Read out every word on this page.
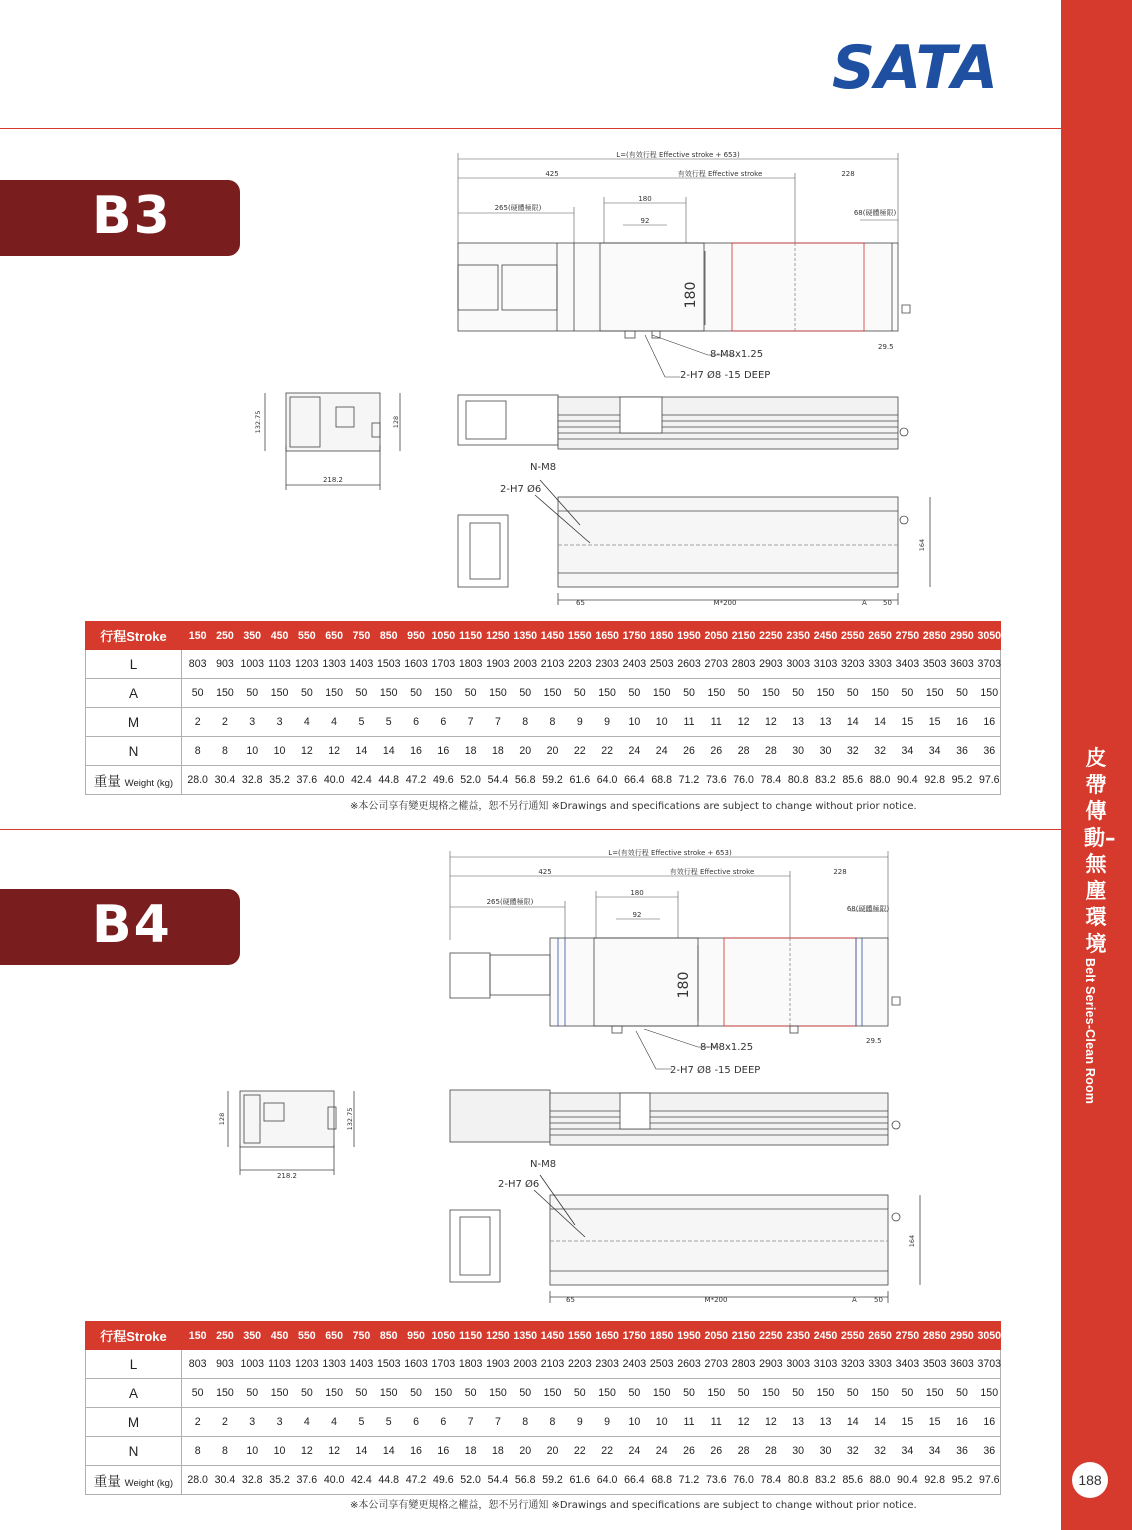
皮帶傳動–無塵環境
Belt Series-Clean Room
188
SATA
B3
L=(有效行程 Effective stroke + 653)
425	有效行程 Effective stroke	228
265(硬體極限)
68(硬體極限)
180
92
180
29.5
8-M8x1.25
2-H7 Ø8 -15 DEEP
218.2
132.75	128
N-M8
2-H7 Ø6
65	M*200	A 50
164
行程Stroke	150 250 350 450 550 650 750 850 950 1050 1150 1250 1350 1450 1550 1650 1750 1850 1950 2050 2150 2250 2350 2450 2550 2650 2750 2850 2950 3050
L	803 903 1003 1103 1203 1303 1403 1503 1603 1703 1803 1903 2003 2103 2203 2303 2403 2503 2603 2703 2803 2903 3003 3103 3203 3303 3403 3503 3603 3703
A	50 150 50 150 50 150 50 150 50 150 50 150 50 150 50 150 50 150 50 150 50 150 50 150 50 150 50 150 50 150
M	2 2 3 3 4 4 5 5 6 6 7 7 8 8 9 9 10 10 11 11 12 12 13 13 14 14 15 15 16 16
N	8 8 10 10 12 12 14 14 16 16 18 18 20 20 22 22 24 24 26 26 28 28 30 30 32 32 34 34 36 36
重量 Weight (kg)	28.0 30.4 32.8 35.2 37.6 40.0 42.4 44.8 47.2 49.6 52.0 54.4 56.8 59.2 61.6 64.0 66.4 68.8 71.2 73.6 76.0 78.4 80.8 83.2 85.6 88.0 90.4 92.8 95.2 97.6
※本公司享有變更規格之權益，恕不另行通知 ※Drawings and specifications are subject to change without prior notice.
B4
L=(有效行程 Effective stroke + 653)
425	有效行程 Effective stroke	228
265(硬體極限)
68(硬體極限)
180
92
180
29.5
8-M8x1.25
2-H7 Ø8 -15 DEEP
218.2
128	132.75
N-M8
2-H7 Ø6
65	M*200	A 50
164
行程Stroke	150 250 350 450 550 650 750 850 950 1050 1150 1250 1350 1450 1550 1650 1750 1850 1950 2050 2150 2250 2350 2450 2550 2650 2750 2850 2950 3050
L	803 903 1003 1103 1203 1303 1403 1503 1603 1703 1803 1903 2003 2103 2203 2303 2403 2503 2603 2703 2803 2903 3003 3103 3203 3303 3403 3503 3603 3703
A	50 150 50 150 50 150 50 150 50 150 50 150 50 150 50 150 50 150 50 150 50 150 50 150 50 150 50 150 50 150
M	2 2 3 3 4 4 5 5 6 6 7 7 8 8 9 9 10 10 11 11 12 12 13 13 14 14 15 15 16 16
N	8 8 10 10 12 12 14 14 16 16 18 18 20 20 22 22 24 24 26 26 28 28 30 30 32 32 34 34 36 36
重量 Weight (kg)	28.0 30.4 32.8 35.2 37.6 40.0 42.4 44.8 47.2 49.6 52.0 54.4 56.8 59.2 61.6 64.0 66.4 68.8 71.2 73.6 76.0 78.4 80.8 83.2 85.6 88.0 90.4 92.8 95.2 97.6
※本公司享有變更規格之權益，恕不另行通知 ※Drawings and specifications are subject to change without prior notice.
